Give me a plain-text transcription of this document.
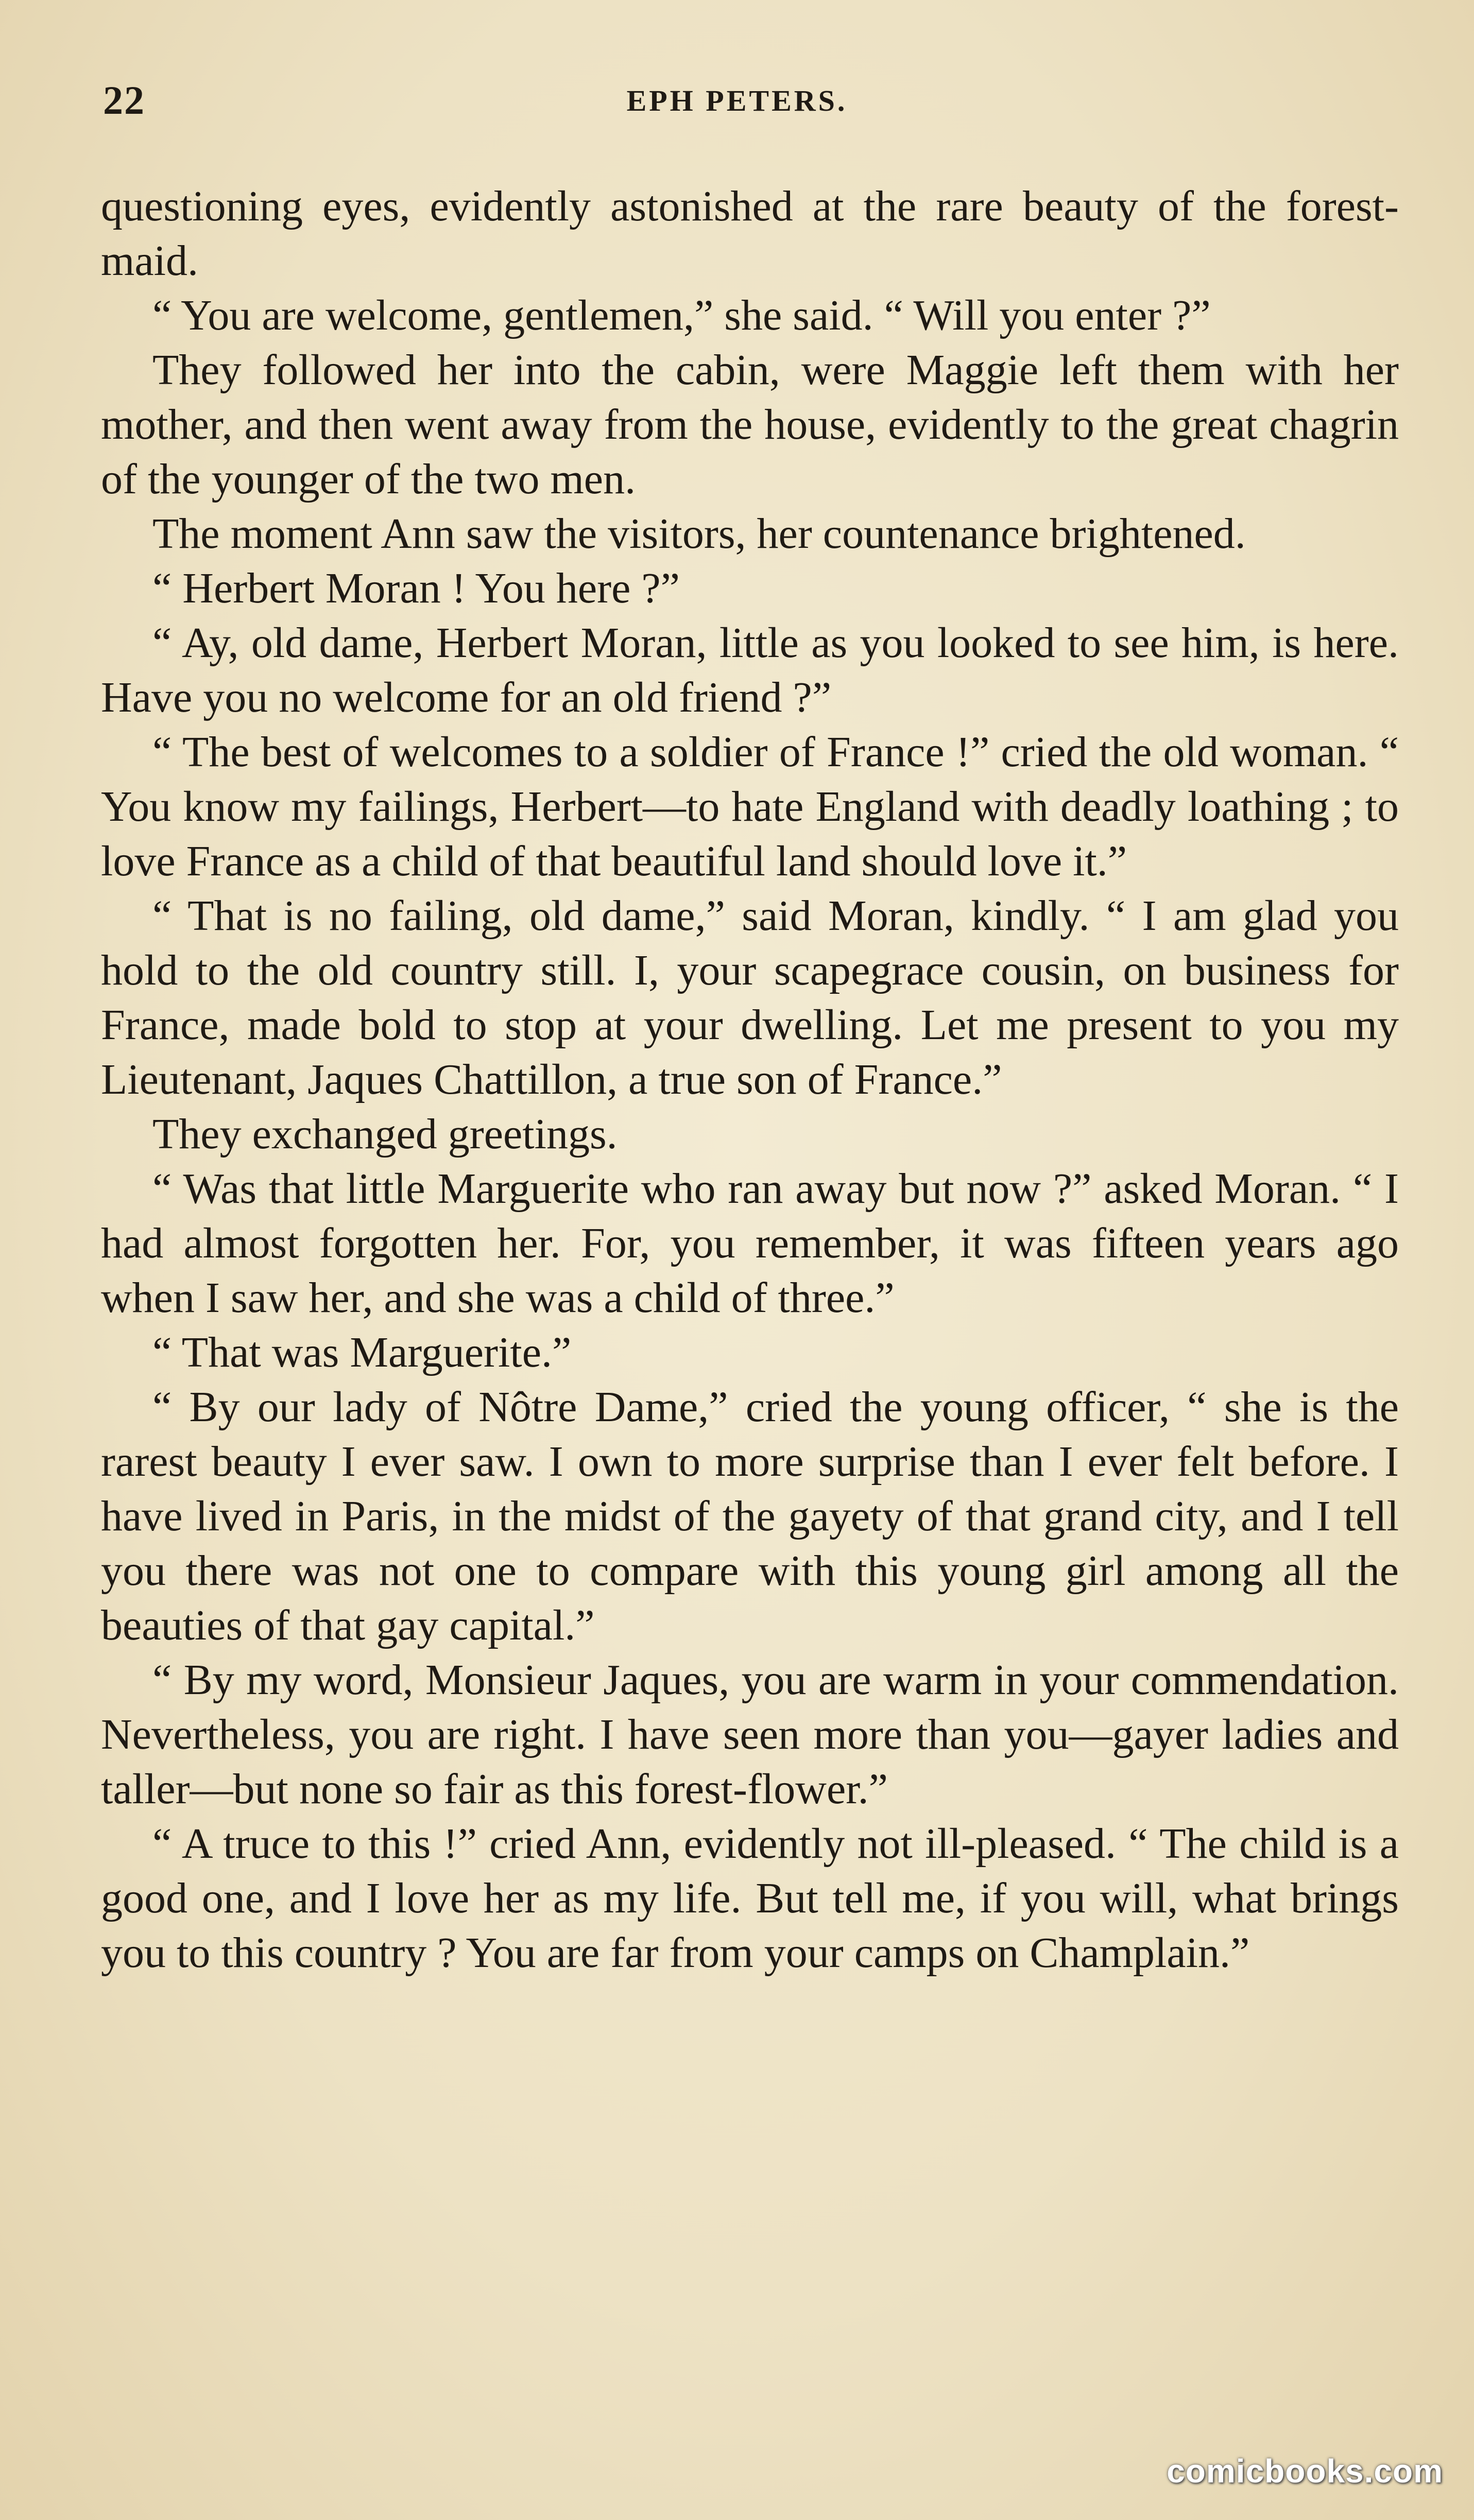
22	EPH PETERS.

questioning eyes, evidently astonished at the rare beauty of the forest-maid.

“ You are welcome, gentlemen,” she said. “ Will you enter ?”

They followed her into the cabin, were Maggie left them with her mother, and then went away from the house, evidently to the great chagrin of the younger of the two men.

The moment Ann saw the visitors, her countenance brightened.

“ Herbert Moran ! You here ?”

“ Ay, old dame, Herbert Moran, little as you looked to see him, is here. Have you no welcome for an old friend ?”

“ The best of welcomes to a soldier of France !” cried the old woman. “ You know my failings, Herbert—to hate England with deadly loathing ; to love France as a child of that beautiful land should love it.”

“ That is no failing, old dame,” said Moran, kindly. “ I am glad you hold to the old country still. I, your scapegrace cousin, on business for France, made bold to stop at your dwelling. Let me present to you my Lieutenant, Jaques Chattillon, a true son of France.”

They exchanged greetings.

“ Was that little Marguerite who ran away but now ?” asked Moran. “ I had almost forgotten her. For, you remember, it was fifteen years ago when I saw her, and she was a child of three.”

“ That was Marguerite.”

“ By our lady of Nôtre Dame,” cried the young officer, “ she is the rarest beauty I ever saw. I own to more surprise than I ever felt before. I have lived in Paris, in the midst of the gayety of that grand city, and I tell you there was not one to compare with this young girl among all the beauties of that gay capital.”

“ By my word, Monsieur Jaques, you are warm in your commendation. Nevertheless, you are right. I have seen more than you—gayer ladies and taller—but none so fair as this forest-flower.”

“ A truce to this !” cried Ann, evidently not ill-pleased. “ The child is a good one, and I love her as my life. But tell me, if you will, what brings you to this country ? You are far from your camps on Champlain.”

comicbooks.com
